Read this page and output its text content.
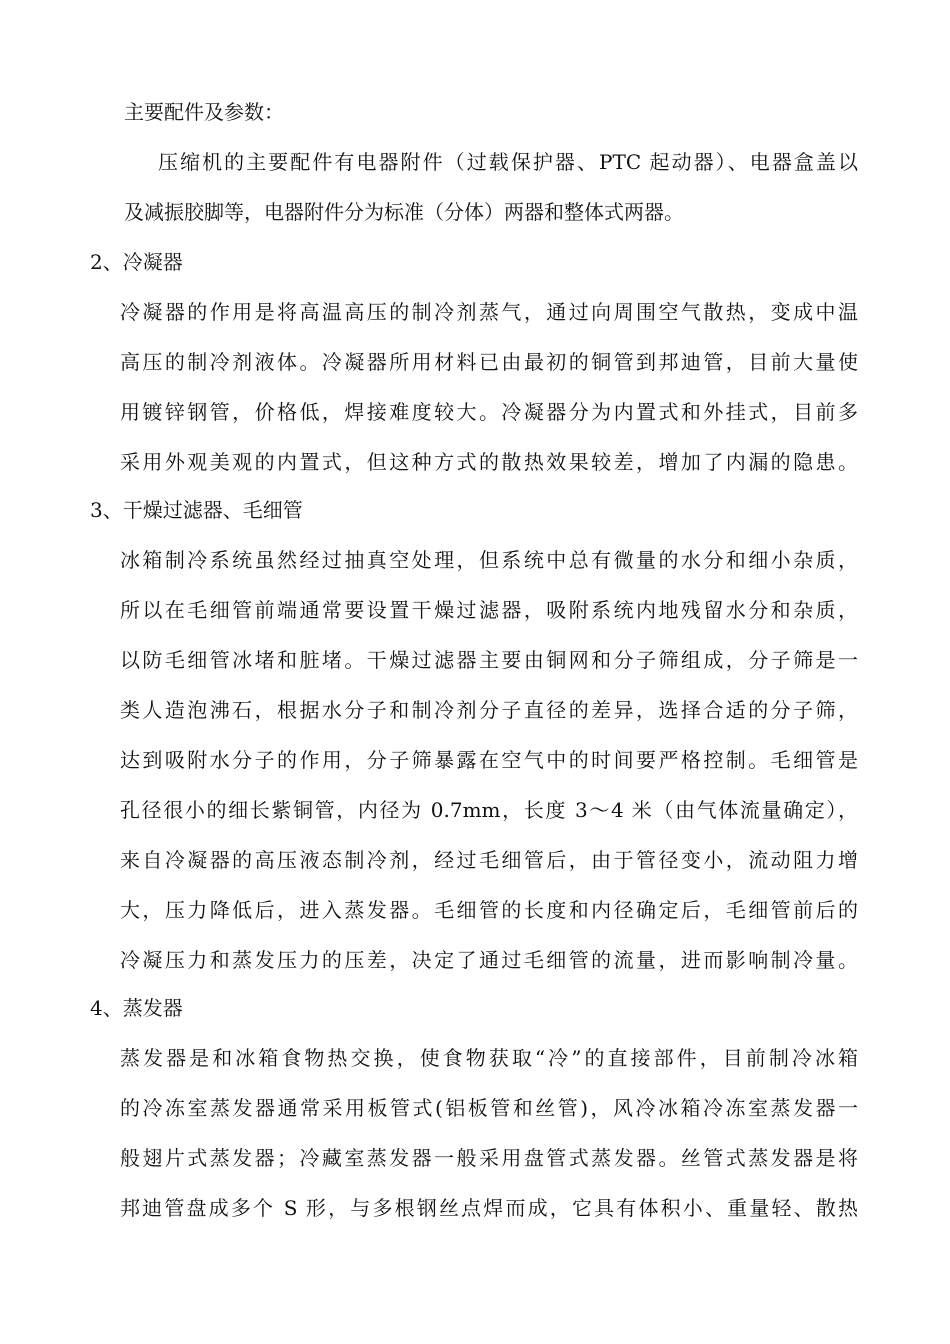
主要配件及参数：
压缩机的主要配件有电器附件（过载保护器、PTC 起动器）、电器盒盖以
及减振胶脚等，电器附件分为标准（分体）两器和整体式两器。
2、冷凝器
冷凝器的作用是将高温高压的制冷剂蒸气，通过向周围空气散热，变成中温
高压的制冷剂液体。冷凝器所用材料已由最初的铜管到邦迪管，目前大量使
用镀锌钢管，价格低，焊接难度较大。冷凝器分为内置式和外挂式，目前多
采用外观美观的内置式，但这种方式的散热效果较差，增加了内漏的隐患。
3、干燥过滤器、毛细管
冰箱制冷系统虽然经过抽真空处理，但系统中总有微量的水分和细小杂质，
所以在毛细管前端通常要设置干燥过滤器，吸附系统内地残留水分和杂质，
以防毛细管冰堵和脏堵。干燥过滤器主要由铜网和分子筛组成，分子筛是一
类人造泡沸石，根据水分子和制冷剂分子直径的差异，选择合适的分子筛，
达到吸附水分子的作用，分子筛暴露在空气中的时间要严格控制。毛细管是
孔径很小的细长紫铜管，内径为 0.7mm，长度 3～4 米（由气体流量确定），
来自冷凝器的高压液态制冷剂，经过毛细管后，由于管径变小，流动阻力增
大，压力降低后，进入蒸发器。毛细管的长度和内径确定后，毛细管前后的
冷凝压力和蒸发压力的压差，决定了通过毛细管的流量，进而影响制冷量。
4、蒸发器
蒸发器是和冰箱食物热交换，使食物获取“冷”的直接部件，目前制冷冰箱
的冷冻室蒸发器通常采用板管式(铝板管和丝管)，风冷冰箱冷冻室蒸发器一
般翅片式蒸发器；冷藏室蒸发器一般采用盘管式蒸发器。丝管式蒸发器是将
邦迪管盘成多个 S 形，与多根钢丝点焊而成，它具有体积小、重量轻、散热
